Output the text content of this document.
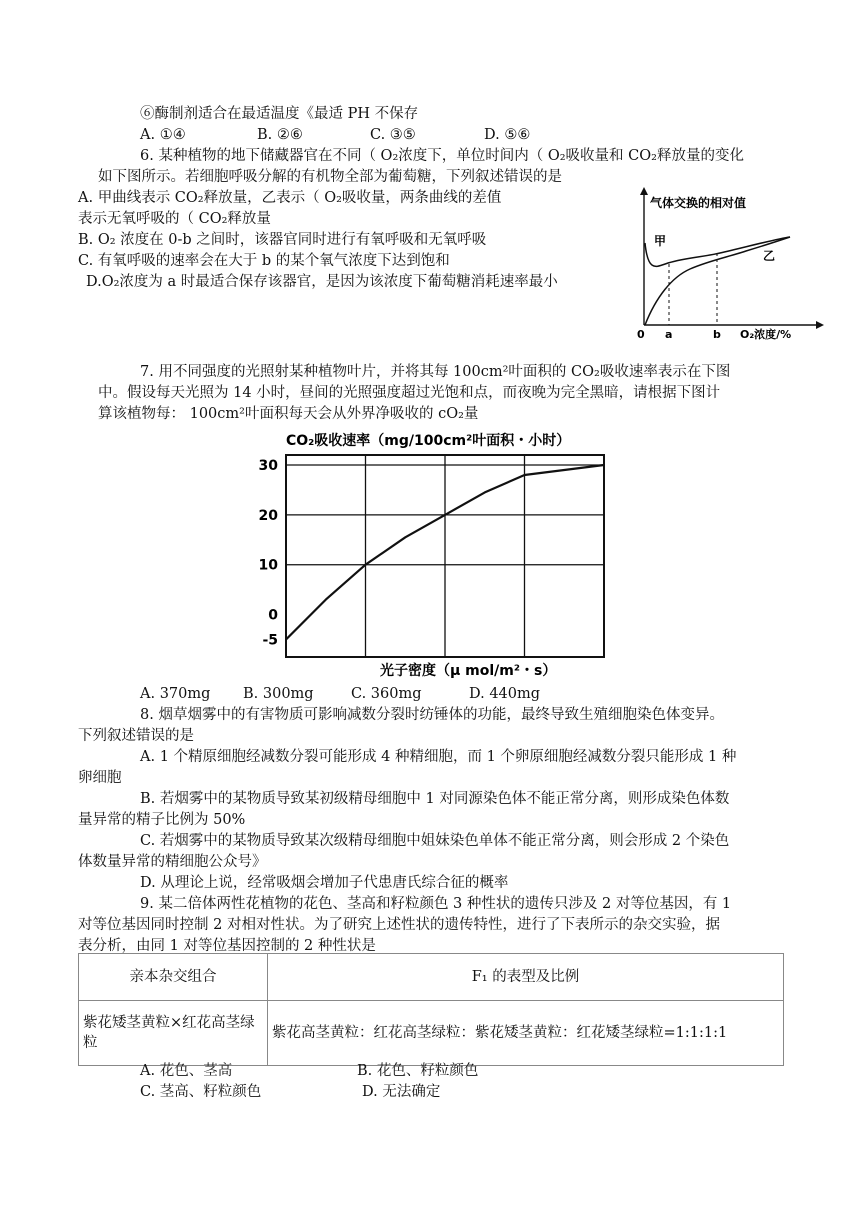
⑥酶制剂适合在最适温度《最适 PH 不保存
A. ①④	B. ②⑥	C. ③⑤	D. ⑤⑥
6. 某种植物的地下储藏器官在不同（ O₂浓度下，单位时间内（ O₂吸收量和 CO₂释放量的变化
如下图所示。若细胞呼吸分解的有机物全部为葡萄糖，下列叙述错误的是
A. 甲曲线表示 CO₂释放量，乙表示（ O₂吸收量，两条曲线的差值
表示无氧呼吸的（ CO₂释放量
B. O₂ 浓度在 0-b 之间时，该器官同时进行有氧呼吸和无氧呼吸
C. 有氧呼吸的速率会在大于 b 的某个氧气浓度下达到饱和
D.O₂浓度为 a 时最适合保存该器官，是因为该浓度下葡萄糖消耗速率最小
气体交换的相对值
甲
乙
0 a	b O₂浓度/%
7. 用不同强度的光照射某种植物叶片，并将其每 100cm²叶面积的 CO₂吸收速率表示在下图
中。假设每天光照为 14 小时，昼间的光照强度超过光饱和点，而夜晚为完全黑暗，请根据下图计
算该植物每： 100cm²叶面积每天会从外界净吸收的 cO₂量
30
20
10
0
-5
CO₂吸收速率（mg/100cm²叶面积・小时）
光子密度（μ mol/m²・s）
A. 370mg B. 300mg	C. 360mg	D. 440mg
8. 烟草烟雾中的有害物质可影响减数分裂时纺锤体的功能，最终导致生殖细胞染色体变异。
下列叙述错误的是
A. 1 个精原细胞经减数分裂可能形成 4 种精细胞，而 1 个卵原细胞经减数分裂只能形成 1 种
卵细胞
B. 若烟雾中的某物质导致某初级精母细胞中 1 对同源染色体不能正常分离，则形成染色体数
量异常的精子比例为 50%
C. 若烟雾中的某物质导致某次级精母细胞中姐妹染色单体不能正常分离，则会形成 2 个染色
体数量异常的精细胞公众号》
D. 从理论上说，经常吸烟会增加子代患唐氏综合征的概率
9. 某二倍体两性花植物的花色、茎高和籽粒颜色 3 种性状的遗传只涉及 2 对等位基因，有 1
对等位基因同时控制 2 对相对性状。为了研究上述性状的遗传特性，进行了下表所示的杂交实验，据
表分析，由同 1 对等位基因控制的 2 种性状是
亲本杂交组合	F₁ 的表型及比例
紫花矮茎黄粒×红花高茎绿粒	紫花高茎黄粒：红花高茎绿粒：紫花矮茎黄粒：红花矮茎绿粒=1:1:1:1
A. 花色、茎高	B. 花色、籽粒颜色
C. 茎高、籽粒颜色	D. 无法确定
